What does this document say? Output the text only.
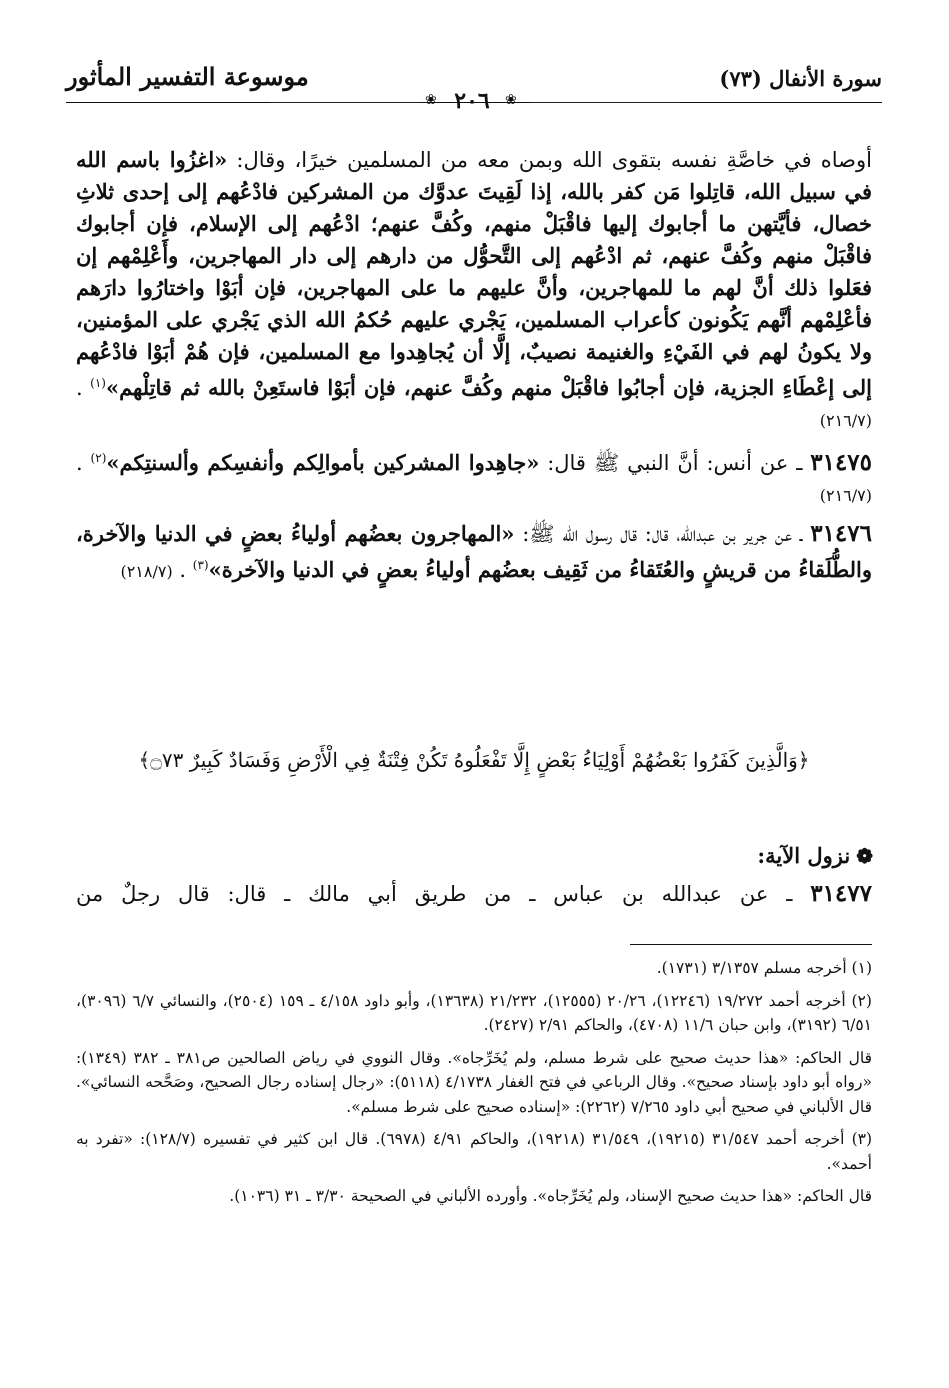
سورة الأنفال (٧٣)
موسوعة التفسير المأثور
❀ ٢٠٦	❀

أوصاه في خاصَّةِ نفسه بتقوى الله وبمن معه من المسلمين خيرًا، وقال: «اغزُوا باسم الله في سبيل الله، قاتِلوا مَن كفر بالله، إذا لَقِيتَ عدوَّك من المشركين فادْعُهم إلى إحدى ثلاثِ خصال، فأيَّتهن ما أجابوك إليها فاقْبَلْ منهم، وكُفَّ عنهم؛ ادْعُهم إلى الإسلام، فإن أجابوك فاقْبَلْ منهم وكُفَّ عنهم، ثم ادْعُهم إلى التَّحوُّل من دارهم إلى دار المهاجرين، وأَعْلِمْهم إن فعَلوا ذلك أنَّ لهم ما للمهاجرين، وأنَّ عليهم ما على المهاجرين، فإن أبَوْا واختارُوا دارَهم فأعْلِمْهم أنَّهم يَكُونون كأعراب المسلمين، يَجْري عليهم حُكمُ الله الذي يَجْري على المؤمنين، ولا يكونُ لهم في الفَيْءِ والغنيمة نصيبٌ، إلَّا أن يُجاهِدوا مع المسلمين، فإن هُمْ أبَوْا فادْعُهم إلى إعْطَاءِ الجزية، فإن أجابُوا فاقْبَلْ منهم وكُفَّ عنهم، فإن أبَوْا فاستَعِنْ بالله ثم قاتِلْهم»$^{(١)}$ . (٢١٦/٧)

٣١٤٧٥ ـ عن أنس: أنَّ النبي ﷺ قال: «جاهِدوا المشركين بأموالِكم وأنفسِكم وألسنتِكم»$^{(٢)}$ . (٢١٦/٧)

٣١٤٧٦ ـ عن جرير بن عبدالله، قال: قال رسول الله ﷺ: «المهاجرون بعضُهم أولياءُ بعضٍ في الدنيا والآخرة، والطُّلَقاءُ من قريشٍ والعُتَقاءُ من ثَقِيف بعضُهم أولياءُ بعضٍ في الدنيا والآخرة»$^{(٣)}$ . (٢١٨/٧)

﴿وَالَّذِينَ كَفَرُوا بَعْضُهُمْ أَوْلِيَاءُ بَعْضٍ إِلَّا تَفْعَلُوهُ تَكُنْ فِتْنَةٌ فِي الْأَرْضِ وَفَسَادٌ كَبِيرٌ ۝٧٣﴾
❁نزول الآية:
٣١٤٧٧ ـ عن عبدالله بن عباس ـ من طريق أبي مالك ـ قال: قال رجلٌ من

(١) أخرجه مسلم ٣/١٣٥٧ (١٧٣١).

(٢) أخرجه أحمد ١٩/٢٧٢ (١٢٢٤٦)، ٢٠/٢٦ (١٢٥٥٥)، ٢١/٢٣٢ (١٣٦٣٨)، وأبو داود ٤/١٥٨ ـ ١٥٩ (٢٥٠٤)، والنسائي ٦/٧ (٣٠٩٦)، ٦/٥١ (٣١٩٢)، وابن حبان ١١/٦ (٤٧٠٨)، والحاكم ٢/٩١ (٢٤٢٧).

قال الحاكم: «هذا حديث صحيح على شرط مسلم، ولم يُخَرِّجاه». وقال النووي في رياض الصالحين ص٣٨١ ـ ٣٨٢ (١٣٤٩): «رواه أبو داود بإسناد صحيح». وقال الرباعي في فتح الغفار ٤/١٧٣٨ (٥١١٨): «رجال إسناده رجال الصحيح، وصَحَّحه النسائي». قال الألباني في صحيح أبي داود ٧/٢٦٥ (٢٢٦٢): «إسناده صحيح على شرط مسلم».

(٣) أخرجه أحمد ٣١/٥٤٧ (١٩٢١٥)، ٣١/٥٤٩ (١٩٢١٨)، والحاكم ٤/٩١ (٦٩٧٨). قال ابن كثير في تفسيره (١٢٨/٧): «تفرد به أحمد».

قال الحاكم: «هذا حديث صحيح الإسناد، ولم يُخَرِّجاه». وأورده الألباني في الصحيحة ٣/٣٠ ـ ٣١ (١٠٣٦).
